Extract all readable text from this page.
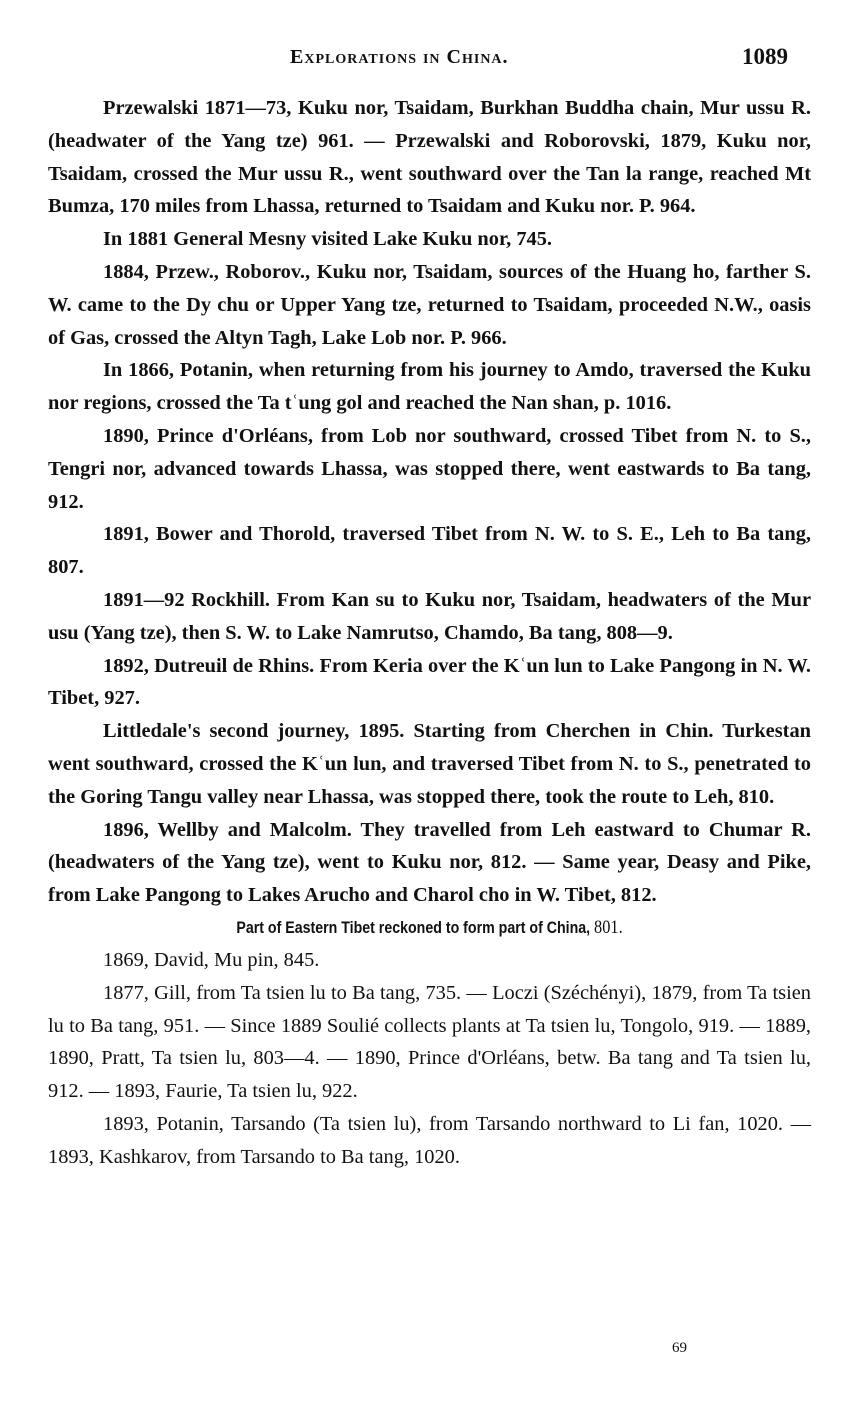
Explorations in China.	1089

Przewalski 1871—73, Kuku nor, Tsaidam, Burkhan Buddha chain, Mur ussu R. (headwater of the Yang tze) 961. — Przewalski and Roborovski, 1879, Kuku nor, Tsaidam, crossed the Mur ussu R., went southward over the Tan la range, reached Mt Bumza, 170 miles from Lhassa, returned to Tsaidam and Kuku nor. P. 964.

In 1881 General Mesny visited Lake Kuku nor, 745.

1884, Przew., Roborov., Kuku nor, Tsaidam, sources of the Huang ho, farther S. W. came to the Dy chu or Upper Yang tze, returned to Tsaidam, proceeded N.W., oasis of Gas, crossed the Altyn Tagh, Lake Lob nor. P. 966.

In 1866, Potanin, when returning from his journey to Amdo, traversed the Kuku nor regions, crossed the Ta tʿung gol and reached the Nan shan, p. 1016.

1890, Prince d'Orléans, from Lob nor southward, crossed Tibet from N. to S., Tengri nor, advanced towards Lhassa, was stopped there, went eastwards to Ba tang, 912.

1891, Bower and Thorold, traversed Tibet from N. W. to S. E., Leh to Ba tang, 807.

1891—92 Rockhill. From Kan su to Kuku nor, Tsaidam, headwaters of the Mur usu (Yang tze), then S. W. to Lake Namrutso, Chamdo, Ba tang, 808—9.

1892, Dutreuil de Rhins. From Keria over the Kʿun lun to Lake Pangong in N. W. Tibet, 927.

Littledale's second journey, 1895. Starting from Cherchen in Chin. Turkestan went southward, crossed the Kʿun lun, and traversed Tibet from N. to S., penetrated to the Goring Tangu valley near Lhassa, was stopped there, took the route to Leh, 810.

1896, Wellby and Malcolm. They travelled from Leh eastward to Chumar R. (headwaters of the Yang tze), went to Kuku nor, 812. — Same year, Deasy and Pike, from Lake Pangong to Lakes Arucho and Charol cho in W. Tibet, 812.

Part of Eastern Tibet reckoned to form part of China, 801.

1869, David, Mu pin, 845.

1877, Gill, from Ta tsien lu to Ba tang, 735. — Loczi (Széchényi), 1879, from Ta tsien lu to Ba tang, 951. — Since 1889 Soulié collects plants at Ta tsien lu, Tongolo, 919. — 1889, 1890, Pratt, Ta tsien lu, 803—4. — 1890, Prince d'Orléans, betw. Ba tang and Ta tsien lu, 912. — 1893, Faurie, Ta tsien lu, 922.

1893, Potanin, Tarsando (Ta tsien lu), from Tarsando northward to Li fan, 1020. — 1893, Kashkarov, from Tarsando to Ba tang, 1020.

69
